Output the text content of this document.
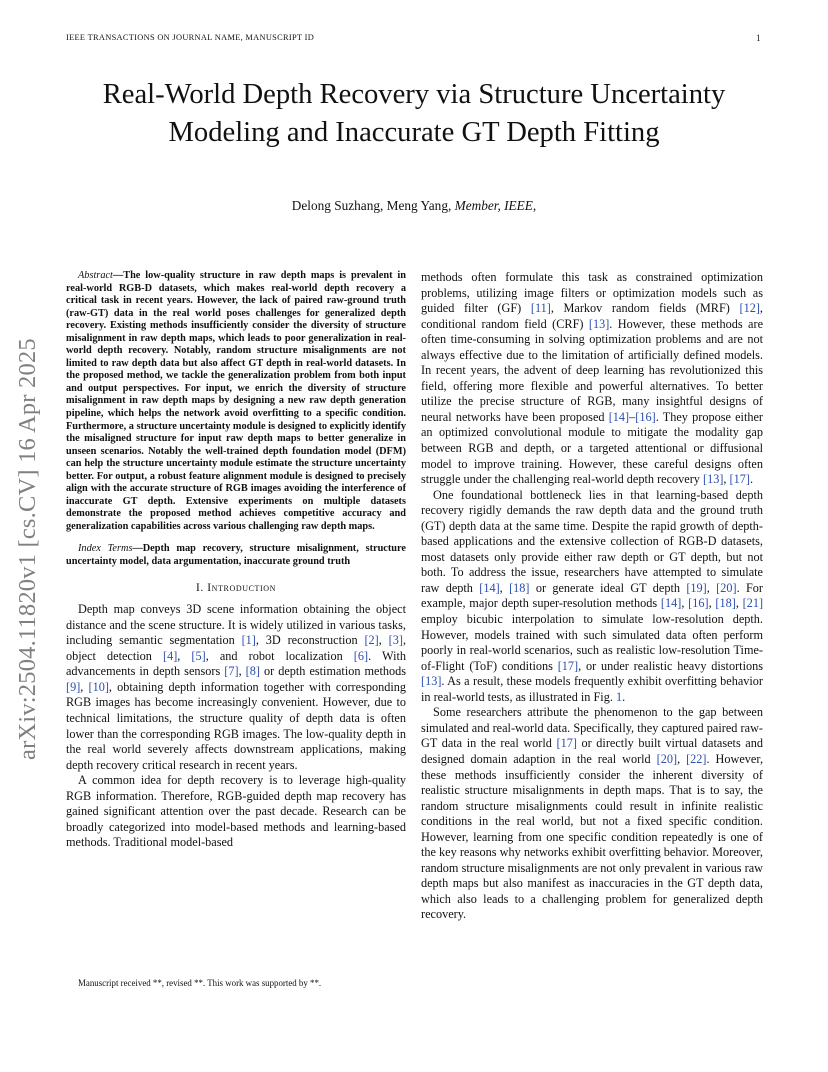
IEEE TRANSACTIONS ON JOURNAL NAME, MANUSCRIPT ID	1
arXiv:2504.11820v1 [cs.CV] 16 Apr 2025
Real-World Depth Recovery via Structure Uncertainty Modeling and Inaccurate GT Depth Fitting
Delong Suzhang, Meng Yang, Member, IEEE,

Abstract—The low-quality structure in raw depth maps is prevalent in real-world RGB-D datasets, which makes real-world depth recovery a critical task in recent years. However, the lack of paired raw-ground truth (raw-GT) data in the real world poses challenges for generalized depth recovery. Existing methods insufficiently consider the diversity of structure misalignment in raw depth maps, which leads to poor generalization in real-world depth recovery. Notably, random structure misalignments are not limited to raw depth data but also affect GT depth in real-world datasets. In the proposed method, we tackle the generalization problem from both input and output perspectives. For input, we enrich the diversity of structure misalignment in raw depth maps by designing a new raw depth generation pipeline, which helps the network avoid overfitting to a specific condition. Furthermore, a structure uncertainty module is designed to explicitly identify the misaligned structure for input raw depth maps to better generalize in unseen scenarios. Notably the well-trained depth foundation model (DFM) can help the structure uncertainty module estimate the structure uncertainty better. For output, a robust feature alignment module is designed to precisely align with the accurate structure of RGB images avoiding the interference of inaccurate GT depth. Extensive experiments on multiple datasets demonstrate the proposed method achieves competitive accuracy and generalization capabilities across various challenging raw depth maps.

Index Terms—Depth map recovery, structure misalignment, structure uncertainty model, data argumentation, inaccurate ground truth

I. Introduction

Depth map conveys 3D scene information obtaining the object distance and the scene structure. It is widely utilized in various tasks, including semantic segmentation [1], 3D reconstruction [2], [3], object detection [4], [5], and robot localization [6]. With advancements in depth sensors [7], [8] or depth estimation methods [9], [10], obtaining depth information together with corresponding RGB images has become increasingly convenient. However, due to technical limitations, the structure quality of depth data is often lower than the corresponding RGB images. The low-quality depth in the real world severely affects downstream applications, making depth recovery critical research in recent years.

A common idea for depth recovery is to leverage high-quality RGB information. Therefore, RGB-guided depth map recovery has gained significant attention over the past decade. Research can be broadly categorized into model-based methods and learning-based methods. Traditional model-based

methods often formulate this task as constrained optimization problems, utilizing image filters or optimization models such as guided filter (GF) [11], Markov random fields (MRF) [12], conditional random field (CRF) [13]. However, these methods are often time-consuming in solving optimization problems and are not always effective due to the limitation of artificially defined models. In recent years, the advent of deep learning has revolutionized this field, offering more flexible and powerful alternatives. To better utilize the precise structure of RGB, many insightful designs of neural networks have been proposed [14]–[16]. They propose either an optimized convolutional module to mitigate the modality gap between RGB and depth, or a targeted attentional or diffusional model to improve training. However, these careful designs often struggle under the challenging real-world depth recovery [13], [17].

One foundational bottleneck lies in that learning-based depth recovery rigidly demands the raw depth data and the ground truth (GT) depth data at the same time. Despite the rapid growth of depth-based applications and the extensive collection of RGB-D datasets, most datasets only provide either raw depth or GT depth, but not both. To address the issue, researchers have attempted to simulate raw depth [14], [18] or generate ideal GT depth [19], [20]. For example, major depth super-resolution methods [14], [16], [18], [21] employ bicubic interpolation to simulate low-resolution depth. However, models trained with such simulated data often perform poorly in real-world scenarios, such as realistic low-resolution Time-of-Flight (ToF) conditions [17], or under realistic heavy distortions [13]. As a result, these models frequently exhibit overfitting behavior in real-world tests, as illustrated in Fig. 1.

Some researchers attribute the phenomenon to the gap between simulated and real-world data. Specifically, they captured paired raw-GT data in the real world [17] or directly built virtual datasets and designed domain adaption in the real world [20], [22]. However, these methods insufficiently consider the inherent diversity of realistic structure misalignments in depth maps. That is to say, the random structure misalignments could result in infinite realistic conditions in the real world, but not a fixed specific condition. However, learning from one specific condition repeatedly is one of the key reasons why networks exhibit overfitting behavior. Moreover, random structure misalignments are not only prevalent in various raw depth maps but also manifest as inaccuracies in the GT depth data, which also leads to a challenging problem for generalized depth recovery.

Manuscript received **, revised **. This work was supported by **.
